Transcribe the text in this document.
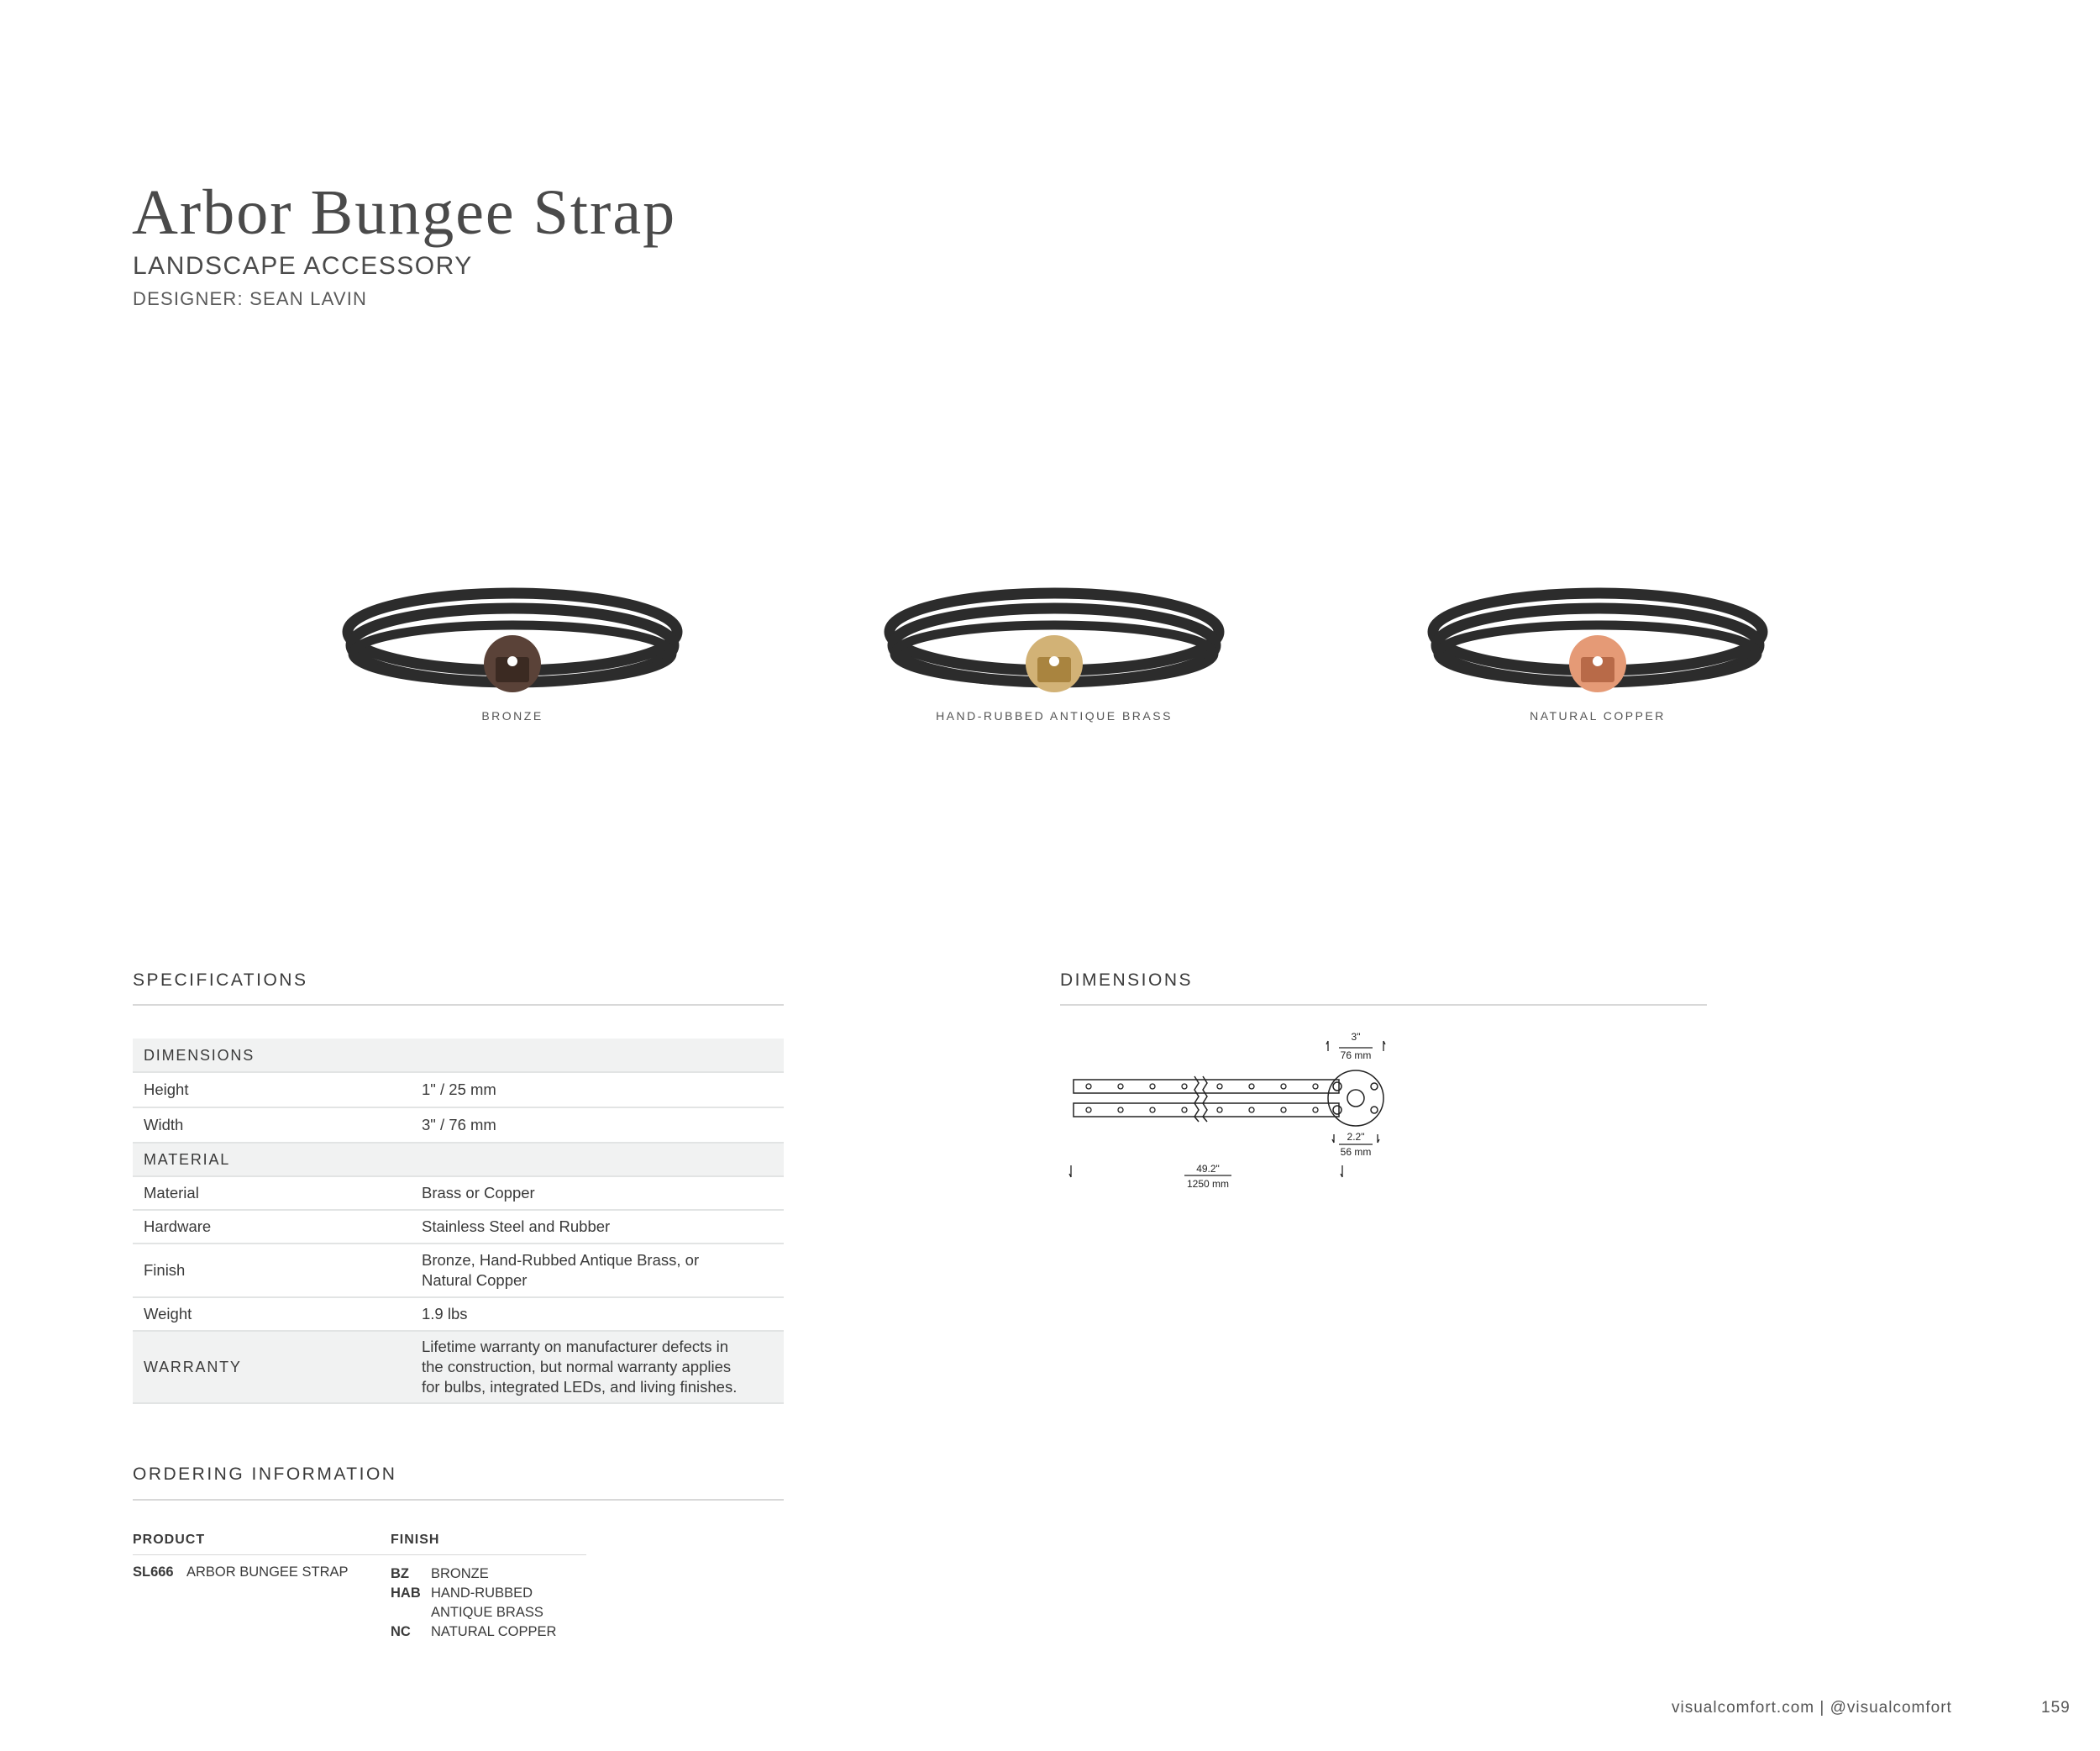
Arbor Bungee Strap
LANDSCAPE ACCESSORY
DESIGNER: SEAN LAVIN
BRONZE	HAND-RUBBED ANTIQUE BRASS	NATURAL COPPER
SPECIFICATIONS
DIMENSIONS	
Height	1" / 25 mm
Width	3" / 76 mm
MATERIAL	
Material	Brass or Copper
Hardware	Stainless Steel and Rubber
Finish	Bronze, Hand-Rubbed Antique Brass, or
Natural Copper

Weight	1.9 lbs
WARRANTY	Lifetime warranty on manufacturer defects in
the construction, but normal warranty applies
for bulbs, integrated LEDs, and living finishes.
DIMENSIONS
3"
76 mm
2.2"
56 mm
49.2"
1250 mm
ORDERING INFORMATION
PRODUCT	FINISH
SL666 ARBOR BUNGEE STRAP	BZ BRONZE
HAB HAND-RUBBED
ANTIQUE BRASS
NC NATURAL COPPER
visualcomfort.com | @visualcomfort	159
